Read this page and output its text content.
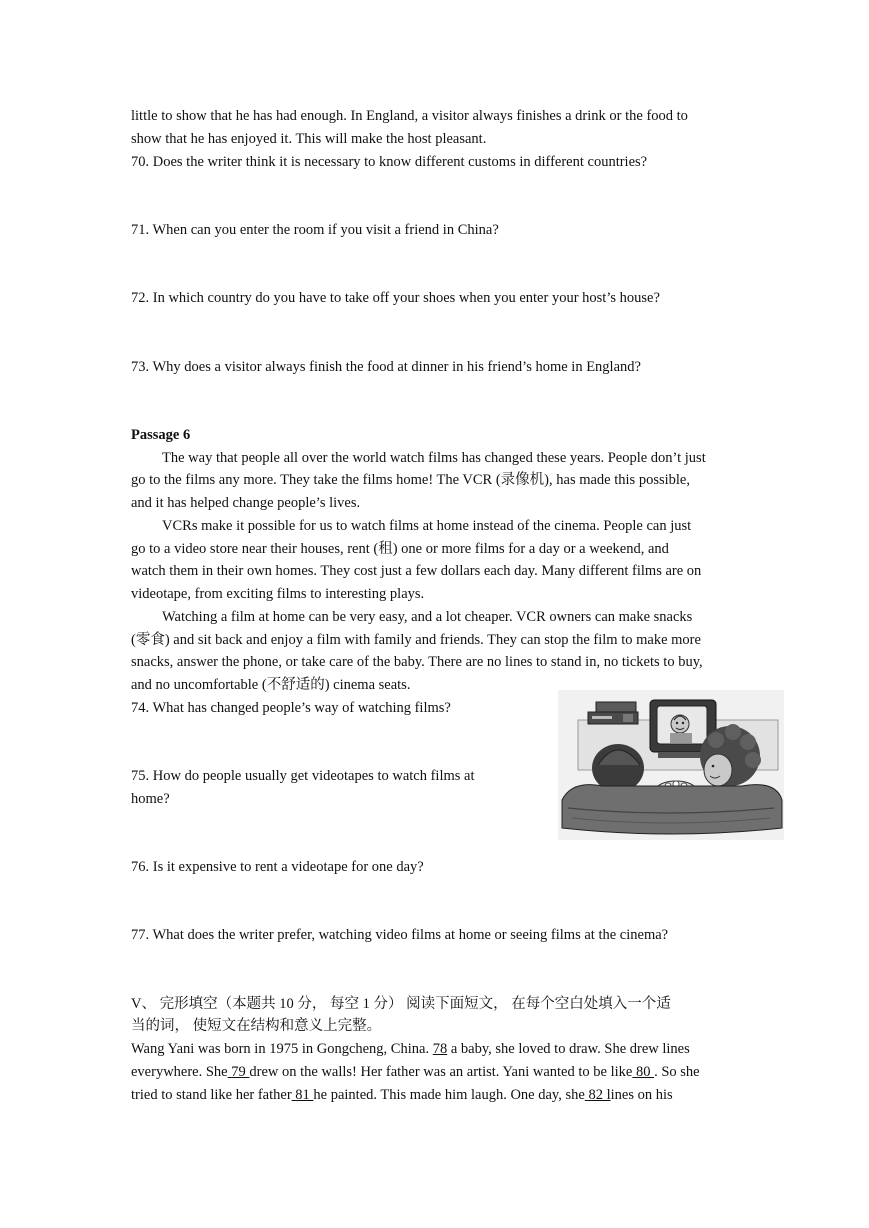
little to show that he has had enough. In England, a visitor always finishes a drink or the food to
show that he has enjoyed it. This will make the host pleasant.
70. Does the writer think it is necessary to know different customs in different countries?
71. When can you enter the room if you visit a friend in China?
72. In which country do you have to take off your shoes when you enter your host’s house?
73. Why does a visitor always finish the food at dinner in his friend’s home in England?
Passage 6
The way that people all over the world watch films has changed these years. People don’t just
go to the films any more. They take the films home! The VCR (录像机), has made this possible,
and it has helped change people’s lives.
VCRs make it possible for us to watch films at home instead of the cinema. People can just
go to a video store near their houses, rent (租) one or more films for a day or a weekend, and
watch them in their own homes. They cost just a few dollars each day. Many different films are on
videotape, from exciting films to interesting plays.
Watching a film at home can be very easy, and a lot cheaper. VCR owners can make snacks
(零食) and sit back and enjoy a film with family and friends. They can stop the film to make more
snacks, answer the phone, or take care of the baby. There are no lines to stand in, no tickets to buy,
and no uncomfortable (不舒适的) cinema seats.
74. What has changed people’s way of watching films?
75. How do people usually get videotapes to watch films at
home?
76. Is it expensive to rent a videotape for one day?
77. What does the writer prefer, watching video films at home or seeing films at the cinema?
V、 完形填空（本题共 10 分， 每空 1 分） 阅读下面短文， 在每个空白处填入一个适
当的词， 使短文在结构和意义上完整。
Wang Yani was born in 1975 in Gongcheng, China. 78 a baby, she loved to draw. She drew lines
everywhere. She 79 drew on the walls! Her father was an artist. Yani wanted to be like 80 . So she
tried to stand like her father 81 he painted. This made him laugh. One day, she 82 lines on his
